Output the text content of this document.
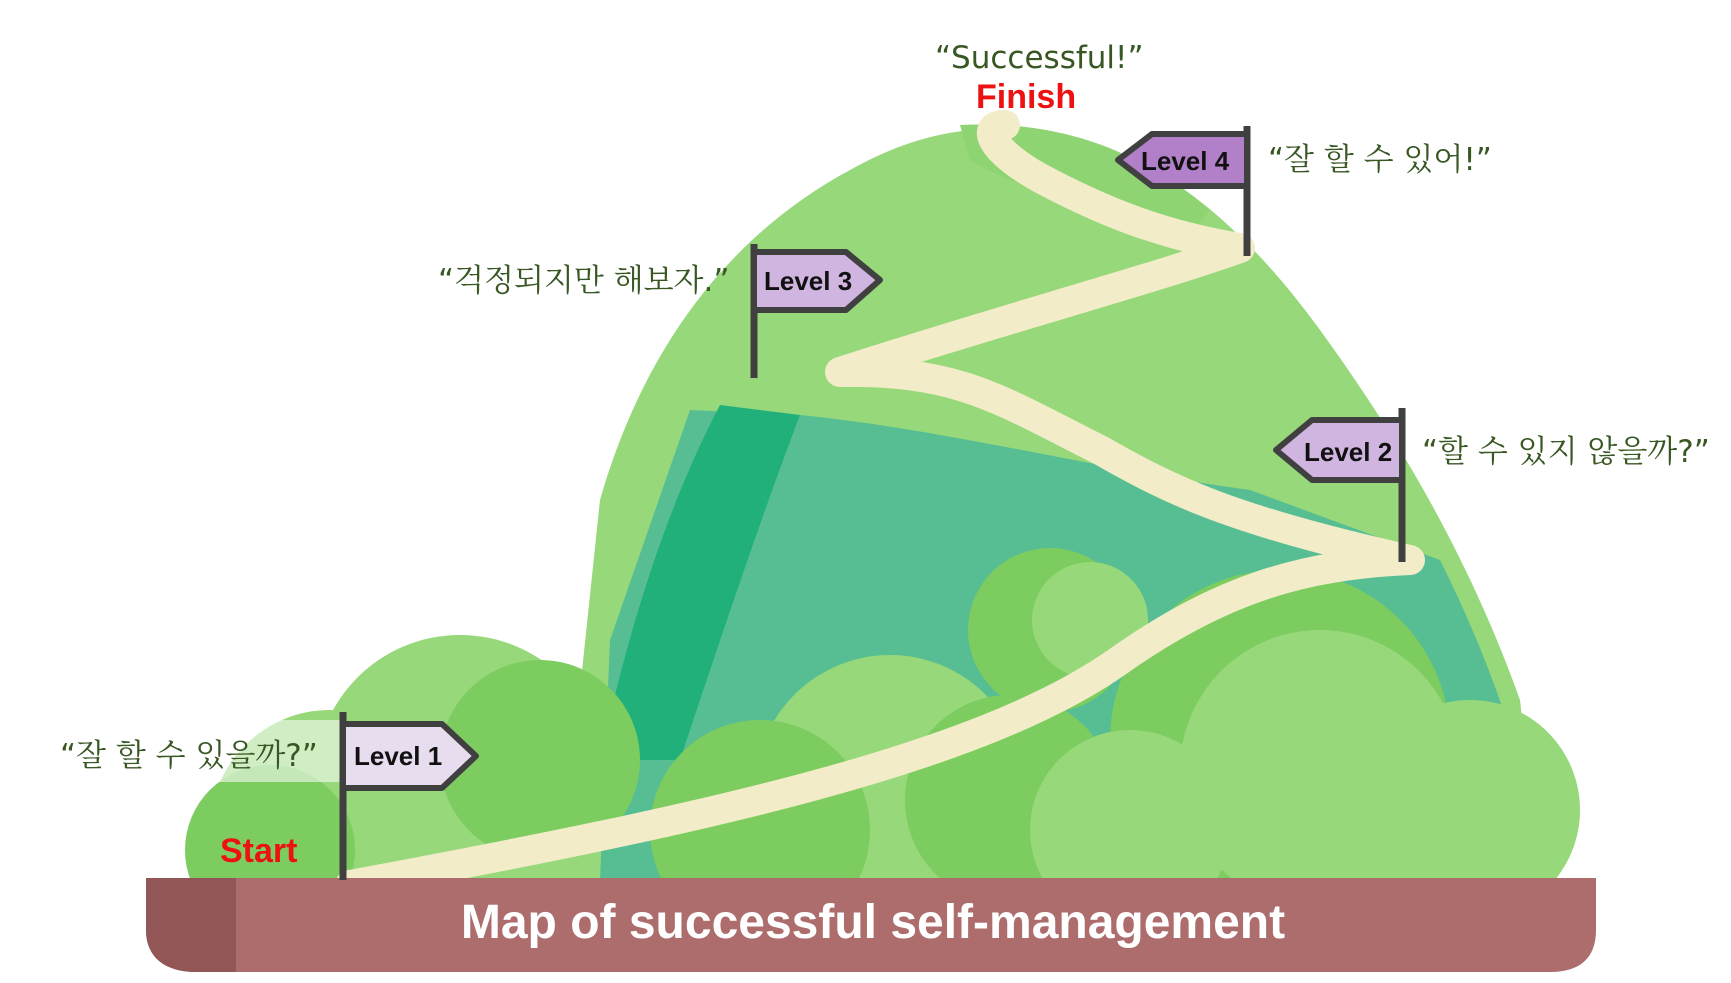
Map of successful self-management
Start
Finish
“Successful!”
Level 1
“잘 할 수 있을까?”
Level 2 “할 수 있지 않을까?”
Level 3
“걱정되지만 해보자.”
Level 4 “잘 할 수 있어!”
